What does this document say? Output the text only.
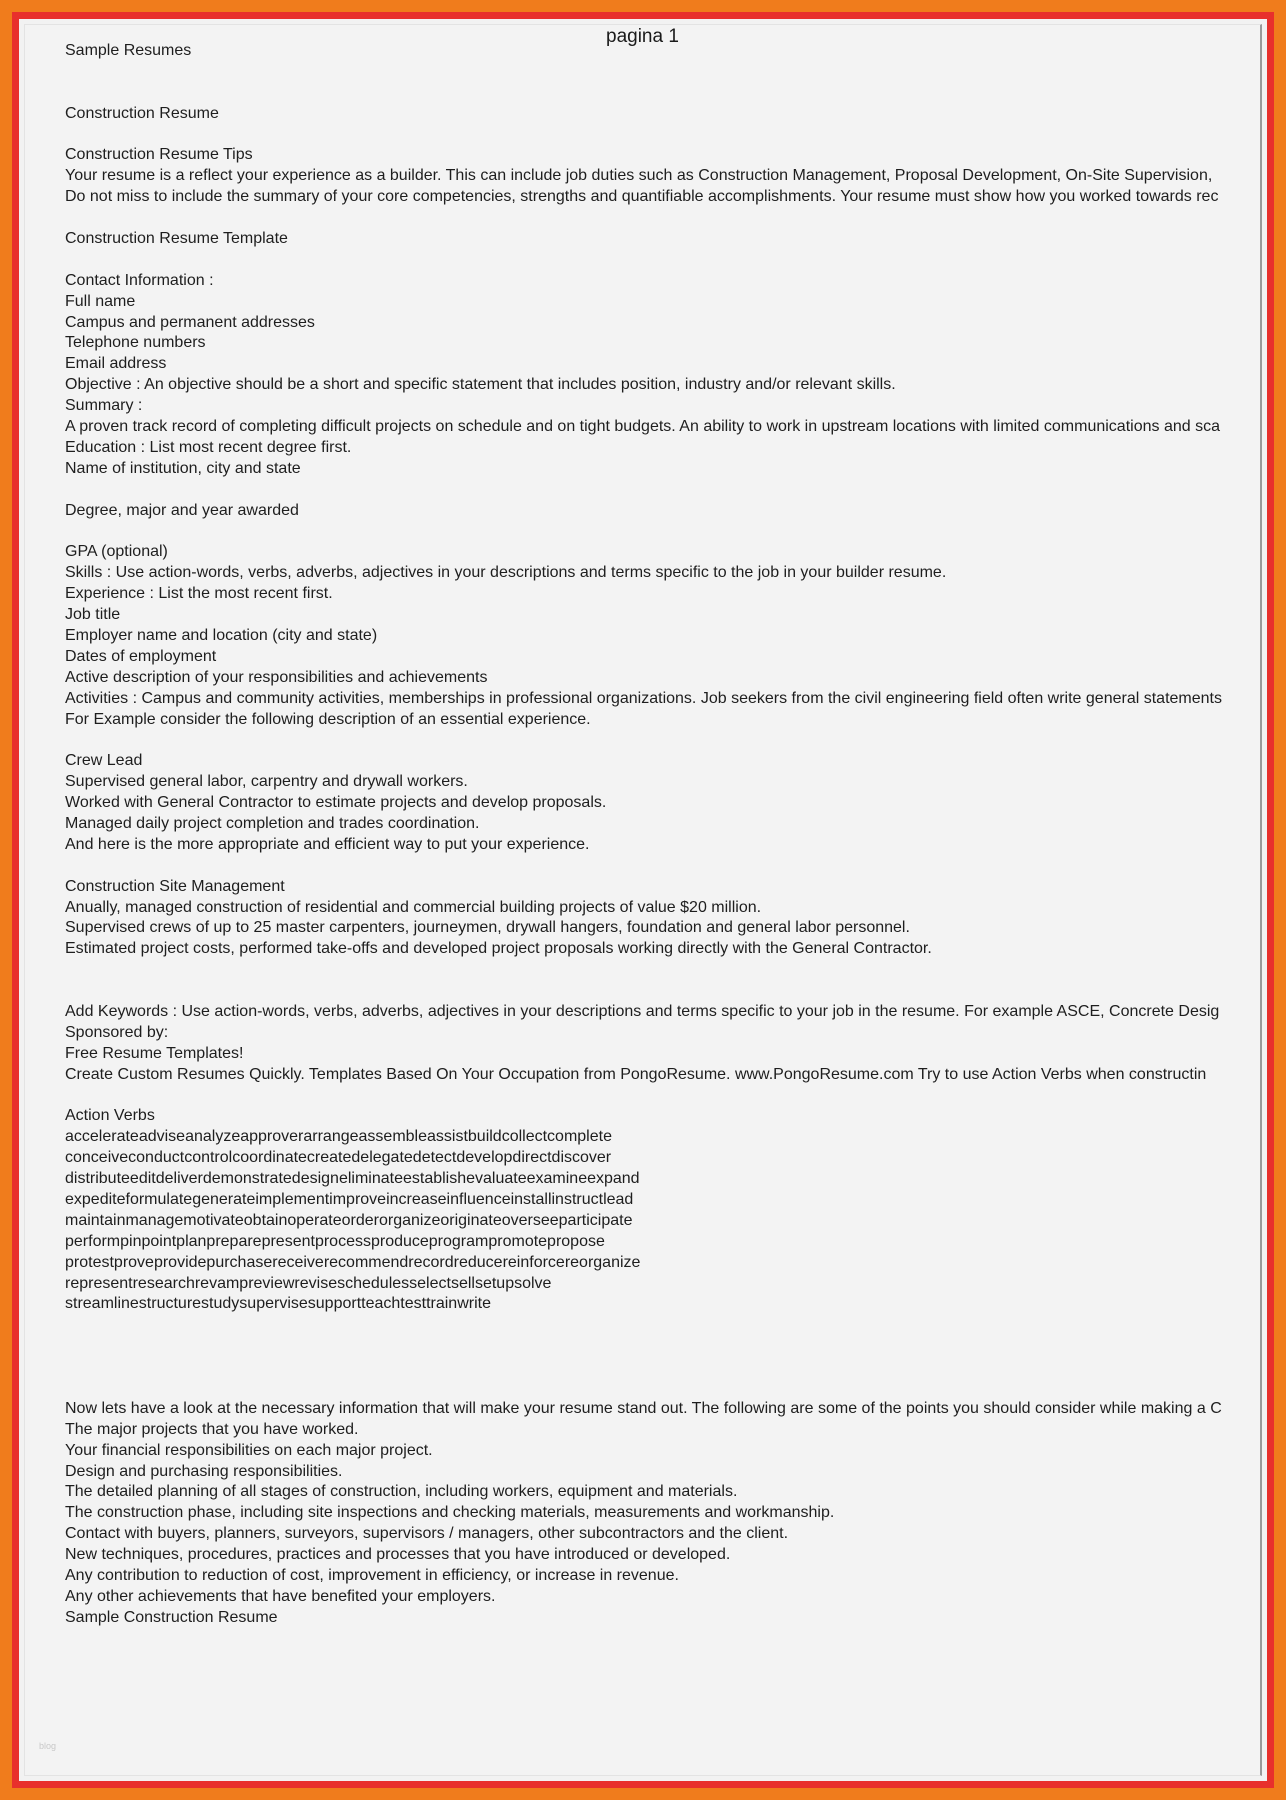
pagina 1
Sample Resumes
Construction Resume
Construction Resume Tips
Your resume is a reflect your experience as a builder. This can include job duties such as Construction Management, Proposal Development, On-Site Supervision,
Do not miss to include the summary of your core competencies, strengths and quantifiable accomplishments. Your resume must show how you worked towards rec
Construction Resume Template
Contact Information :
Full name
Campus and permanent addresses
Telephone numbers
Email address
Objective : An objective should be a short and specific statement that includes position, industry and/or relevant skills.
Summary :
A proven track record of completing difficult projects on schedule and on tight budgets. An ability to work in upstream locations with limited communications and sca
Education : List most recent degree first.
Name of institution, city and state
Degree, major and year awarded
GPA (optional)
Skills : Use action-words, verbs, adverbs, adjectives in your descriptions and terms specific to the job in your builder resume.
Experience : List the most recent first.
Job title
Employer name and location (city and state)
Dates of employment
Active description of your responsibilities and achievements
Activities : Campus and community activities, memberships in professional organizations. Job seekers from the civil engineering field often write general statements
For Example consider the following description of an essential experience.
Crew Lead
Supervised general labor, carpentry and drywall workers.
Worked with General Contractor to estimate projects and develop proposals.
Managed daily project completion and trades coordination.
And here is the more appropriate and efficient way to put your experience.
Construction Site Management
Anually, managed construction of residential and commercial building projects of value $20 million.
Supervised crews of up to 25 master carpenters, journeymen, drywall hangers, foundation and general labor personnel.
Estimated project costs, performed take-offs and developed project proposals working directly with the General Contractor.
Add Keywords : Use action-words, verbs, adverbs, adjectives in your descriptions and terms specific to your job in the resume. For example ASCE, Concrete Desig
Sponsored by:
Free Resume Templates!
Create Custom Resumes Quickly. Templates Based On Your Occupation from PongoResume. www.PongoResume.com Try to use Action Verbs when constructin
Action Verbs
accelerateadviseanalyzeapproverarrangeassembleassistbuildcollectcomplete
conceiveconductcontrolcoordinatecreatedelegatedetectdevelopdirectdiscover
distributeeditdeliverdemonstratedesigneliminateestablishevaluateexamineexpand
expediteformulategenerateimplementimproveincreaseinfluenceinstallinstructlead
maintainmanagemotivateobtainoperateorderorganizeoriginateoverseeparticipate
performpinpointplanpreparepresentprocessproduceprogrampromotepropose
protestproveprovidepurchasereceiverecommendrecordreducereinforcereorganize
representresearchrevampreviewreviseschedulesselectsellsetupsolve
streamlinestructurestudysupervisesupportteachtesttrainwrite
Now lets have a look at the necessary information that will make your resume stand out. The following are some of the points you should consider while making a C
The major projects that you have worked.
Your financial responsibilities on each major project.
Design and purchasing responsibilities.
The detailed planning of all stages of construction, including workers, equipment and materials.
The construction phase, including site inspections and checking materials, measurements and workmanship.
Contact with buyers, planners, surveyors, supervisors / managers, other subcontractors and the client.
New techniques, procedures, practices and processes that you have introduced or developed.
Any contribution to reduction of cost, improvement in efficiency, or increase in revenue.
Any other achievements that have benefited your employers.
Sample Construction Resume
blog
